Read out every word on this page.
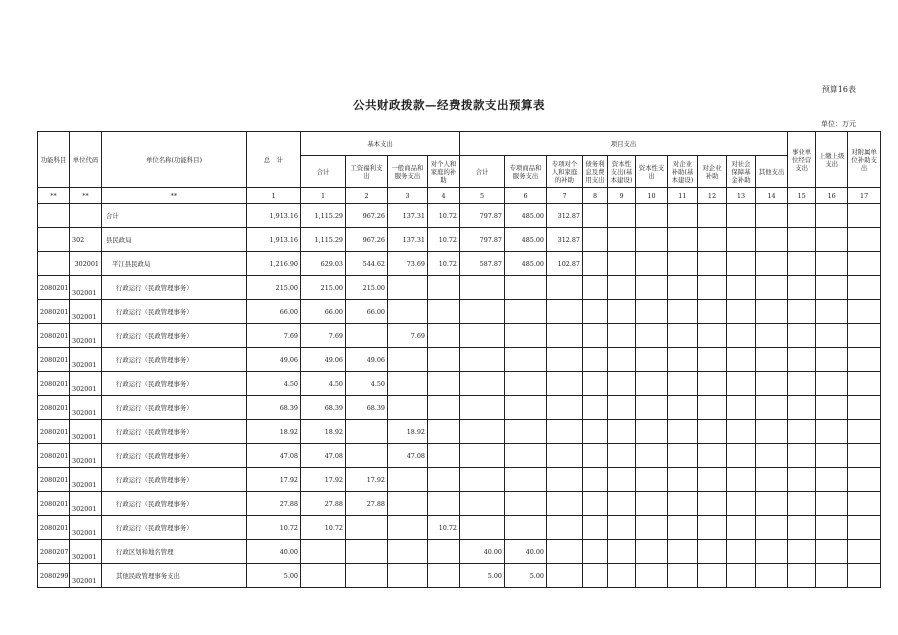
预算16表
公共财政拨款—经费拨款支出预算表
单位：万元
功能科目	单位代码	单位名称(功能科目)	总　计	基本支出				项目支出										事业单位经营支出	上缴上级支出	对附属单位补助支出
				合计	工资福利支出	一般商品和服务支出	对个人和家庭的补助	合计	专项商品和服务支出	专项对个人和家庭的补助	债务利息及费用支出	资本性支出(基本建设)	资本性支出	对企业补助(基本建设)	对企业补助	对社会保障基金补助	其他支出			
**	**	**	1	1	2	3	4	5	6	7	8	9	10	11	12	13	14	15	16	17
		合计	1,913.16	1,115.29	967.26	137.31	10.72	797.87	485.00	312.87										
	302	县民政局	1,913.16	1,115.29	967.26	137.31	10.72	797.87	485.00	312.87										
	302001	平江县民政局	1,216.90	629.03	544.62	73.69	10.72	587.87	485.00	102.87										
2080201	302001	行政运行（民政管理事务）	215.00	215.00	215.00															
2080201	302001	行政运行（民政管理事务）	66.00	66.00	66.00															
2080201	302001	行政运行（民政管理事务）	7.69	7.69		7.69														
2080201	302001	行政运行（民政管理事务）	49.06	49.06	49.06															
2080201	302001	行政运行（民政管理事务）	4.50	4.50	4.50															
2080201	302001	行政运行（民政管理事务）	68.39	68.39	68.39															
2080201	302001	行政运行（民政管理事务）	18.92	18.92		18.92														
2080201	302001	行政运行（民政管理事务）	47.08	47.08		47.08														
2080201	302001	行政运行（民政管理事务）	17.92	17.92	17.92															
2080201	302001	行政运行（民政管理事务）	27.88	27.88	27.88															
2080201	302001	行政运行（民政管理事务）	10.72	10.72			10.72													
2080207	302001	行政区划和地名管理	40.00					40.00	40.00											
2080299	302001	其他民政管理事务支出	5.00					5.00	5.00											
